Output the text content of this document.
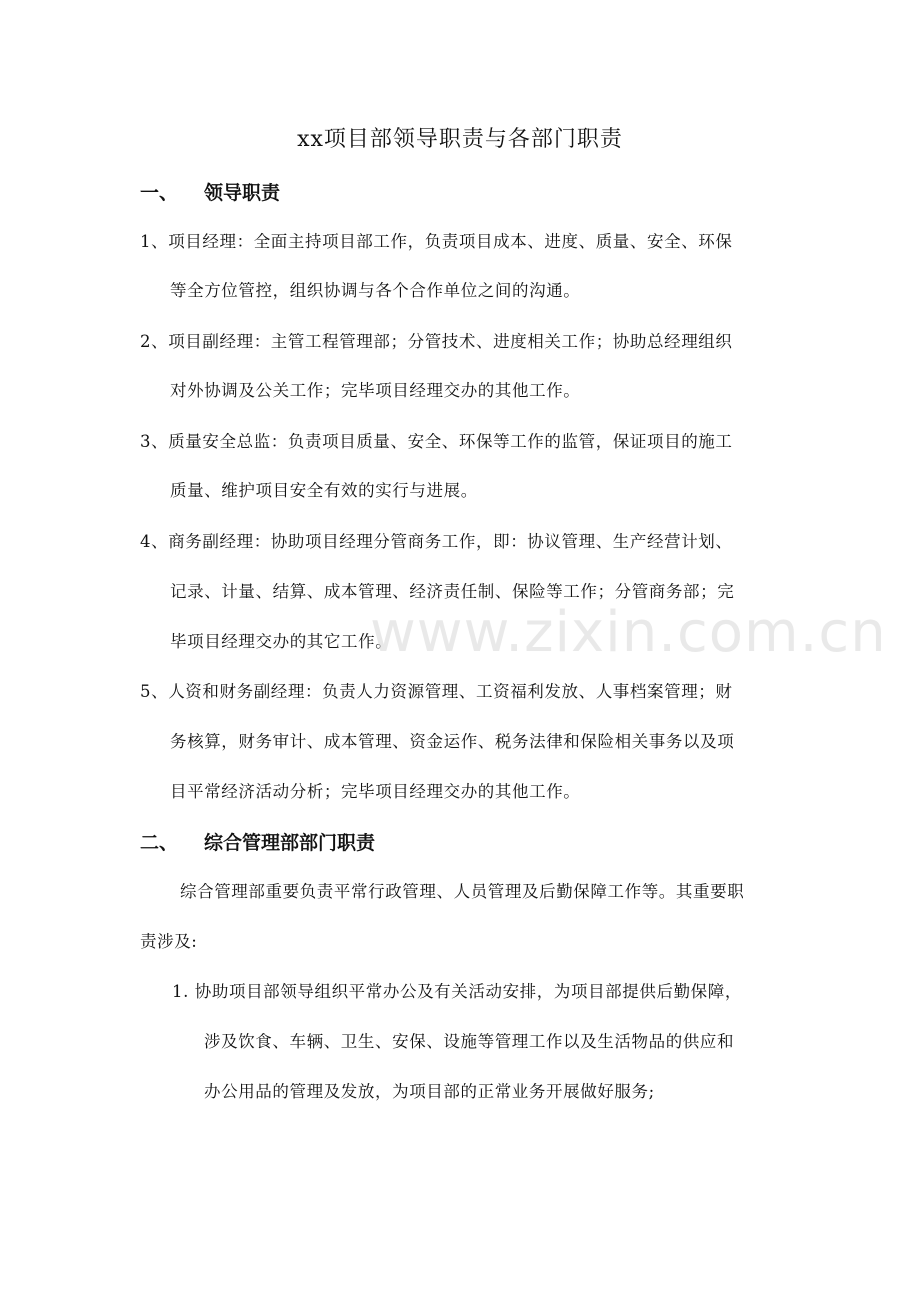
xx项目部领导职责与各部门职责
一、 领导职责
1、项目经理：全面主持项目部工作，负责项目成本、进度、质量、安全、环保
等全方位管控，组织协调与各个合作单位之间的沟通。
2、项目副经理：主管工程管理部；分管技术、进度相关工作；协助总经理组织
对外协调及公关工作；完毕项目经理交办的其他工作。
3、质量安全总监：负责项目质量、安全、环保等工作的监管，保证项目的施工
质量、维护项目安全有效的实行与进展。
4、商务副经理：协助项目经理分管商务工作，即：协议管理、生产经营计划、
记录、计量、结算、成本管理、经济责任制、保险等工作；分管商务部；完
毕项目经理交办的其它工作。
5、人资和财务副经理：负责人力资源管理、工资福利发放、人事档案管理；财
务核算，财务审计、成本管理、资金运作、税务法律和保险相关事务以及项
目平常经济活动分析；完毕项目经理交办的其他工作。
二、 综合管理部部门职责
综合管理部重要负责平常行政管理、人员管理及后勤保障工作等。其重要职
责涉及:
1. 协助项目部领导组织平常办公及有关活动安排，为项目部提供后勤保障，
涉及饮食、车辆、卫生、安保、设施等管理工作以及生活物品的供应和
办公用品的管理及发放，为项目部的正常业务开展做好服务;
www.zixin.com.cn
